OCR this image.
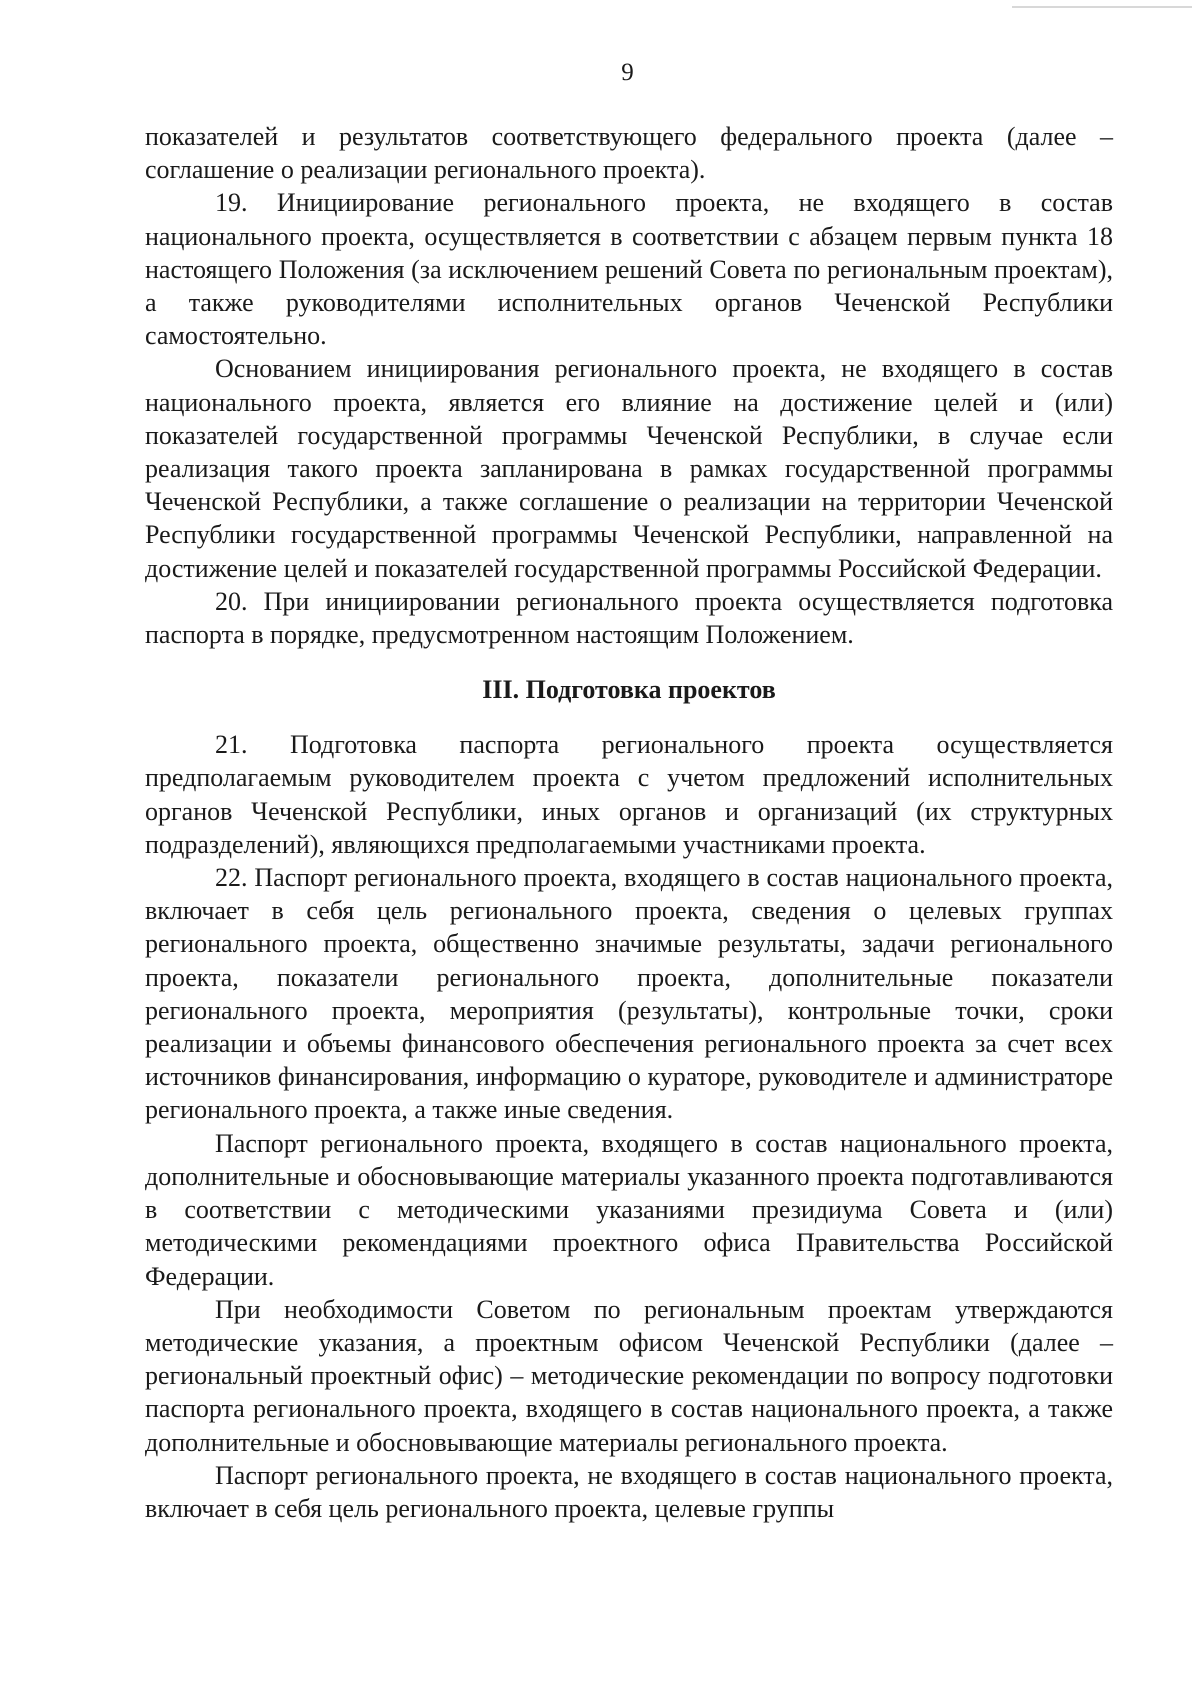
9

показателей и результатов соответствующего федерального проекта (далее – соглашение о реализации регионального проекта).

19. Инициирование регионального проекта, не входящего в состав национального проекта, осуществляется в соответствии с абзацем первым пункта 18 настоящего Положения (за исключением решений Совета по региональным проектам), а также руководителями исполнительных органов Чеченской Республики самостоятельно.

Основанием инициирования регионального проекта, не входящего в состав национального проекта, является его влияние на достижение целей и (или) показателей государственной программы Чеченской Республики, в случае если реализация такого проекта запланирована в рамках государственной программы Чеченской Республики, а также соглашение о реализации на территории Чеченской Республики государственной программы Чеченской Республики, направленной на достижение целей и показателей государственной программы Российской Федерации.

20. При инициировании регионального проекта осуществляется подготовка паспорта в порядке, предусмотренном настоящим Положением.

III. Подготовка проектов

21. Подготовка паспорта регионального проекта осуществляется предполагаемым руководителем проекта с учетом предложений исполнительных органов Чеченской Республики, иных органов и организаций (их структурных подразделений), являющихся предполагаемыми участниками проекта.

22. Паспорт регионального проекта, входящего в состав национального проекта, включает в себя цель регионального проекта, сведения о целевых группах регионального проекта, общественно значимые результаты, задачи регионального проекта, показатели регионального проекта, дополнительные показатели регионального проекта, мероприятия (результаты), контрольные точки, сроки реализации и объемы финансового обеспечения регионального проекта за счет всех источников финансирования, информацию о кураторе, руководителе и администраторе регионального проекта, а также иные сведения.

Паспорт регионального проекта, входящего в состав национального проекта, дополнительные и обосновывающие материалы указанного проекта подготавливаются в соответствии с методическими указаниями президиума Совета и (или) методическими рекомендациями проектного офиса Правительства Российской Федерации.

При необходимости Советом по региональным проектам утверждаются методические указания, а проектным офисом Чеченской Республики (далее – региональный проектный офис) – методические рекомендации по вопросу подготовки паспорта регионального проекта, входящего в состав национального проекта, а также дополнительные и обосновывающие материалы регионального проекта.

Паспорт регионального проекта, не входящего в состав национального проекта, включает в себя цель регионального проекта, целевые группы
